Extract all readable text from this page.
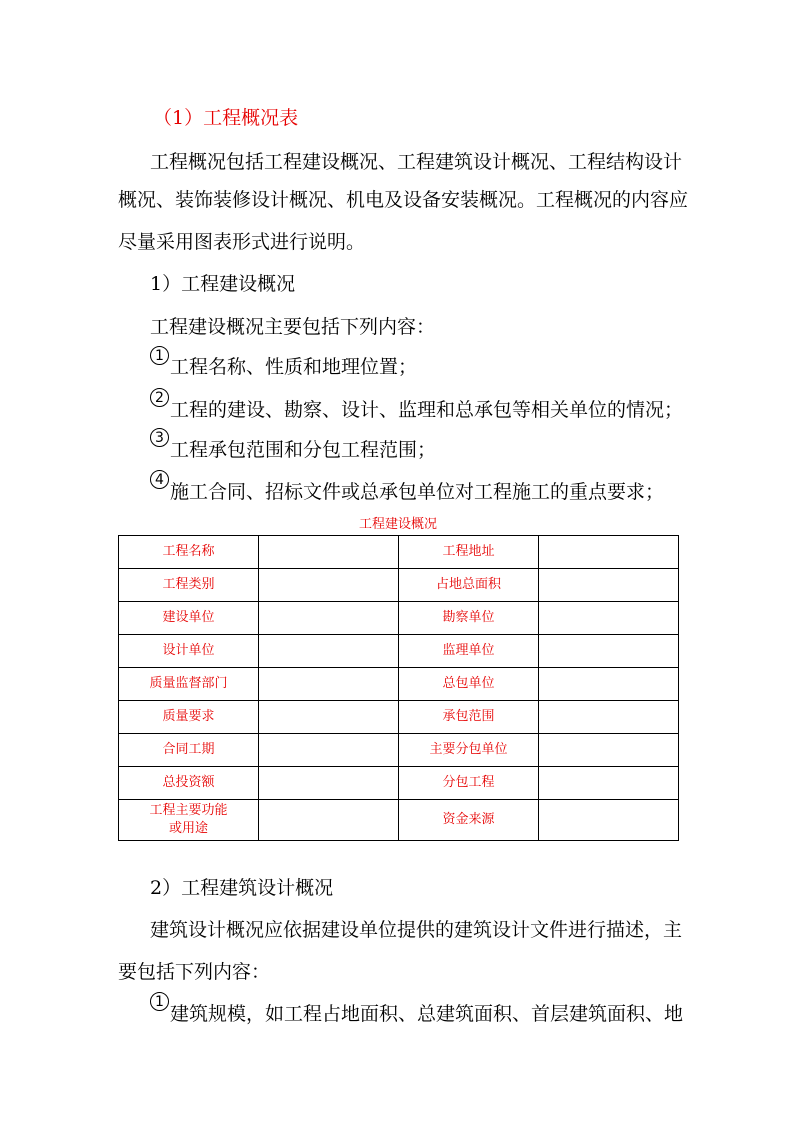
（1）工程概况表
工程概况包括工程建设概况、工程建筑设计概况、工程结构设计
概况、装饰装修设计概况、机电及设备安装概况。工程概况的内容应
尽量采用图表形式进行说明。
1）工程建设概况
工程建设概况主要包括下列内容：
1 工程名称、性质和地理位置；
2
工程的建设、勘察、设计、监理和总承包等相关单位的情况；
3
工程承包范围和分包工程范围；
4
施工合同、招标文件或总承包单位对工程施工的重点要求；
工程建设概况
工程名称		工程地址	
工程类别		占地总面积	
建设单位		勘察单位	
设计单位		监理单位	
质量监督部门		总包单位	
质量要求		承包范围	
合同工期		主要分包单位	
总投资额		分包工程	

工程主要功能
或用途		资金来源	
2）工程建筑设计概况
建筑设计概况应依据建设单位提供的建筑设计文件进行描述，主
要包括下列内容：
1
建筑规模，如工程占地面积、总建筑面积、首层建筑面积、地
